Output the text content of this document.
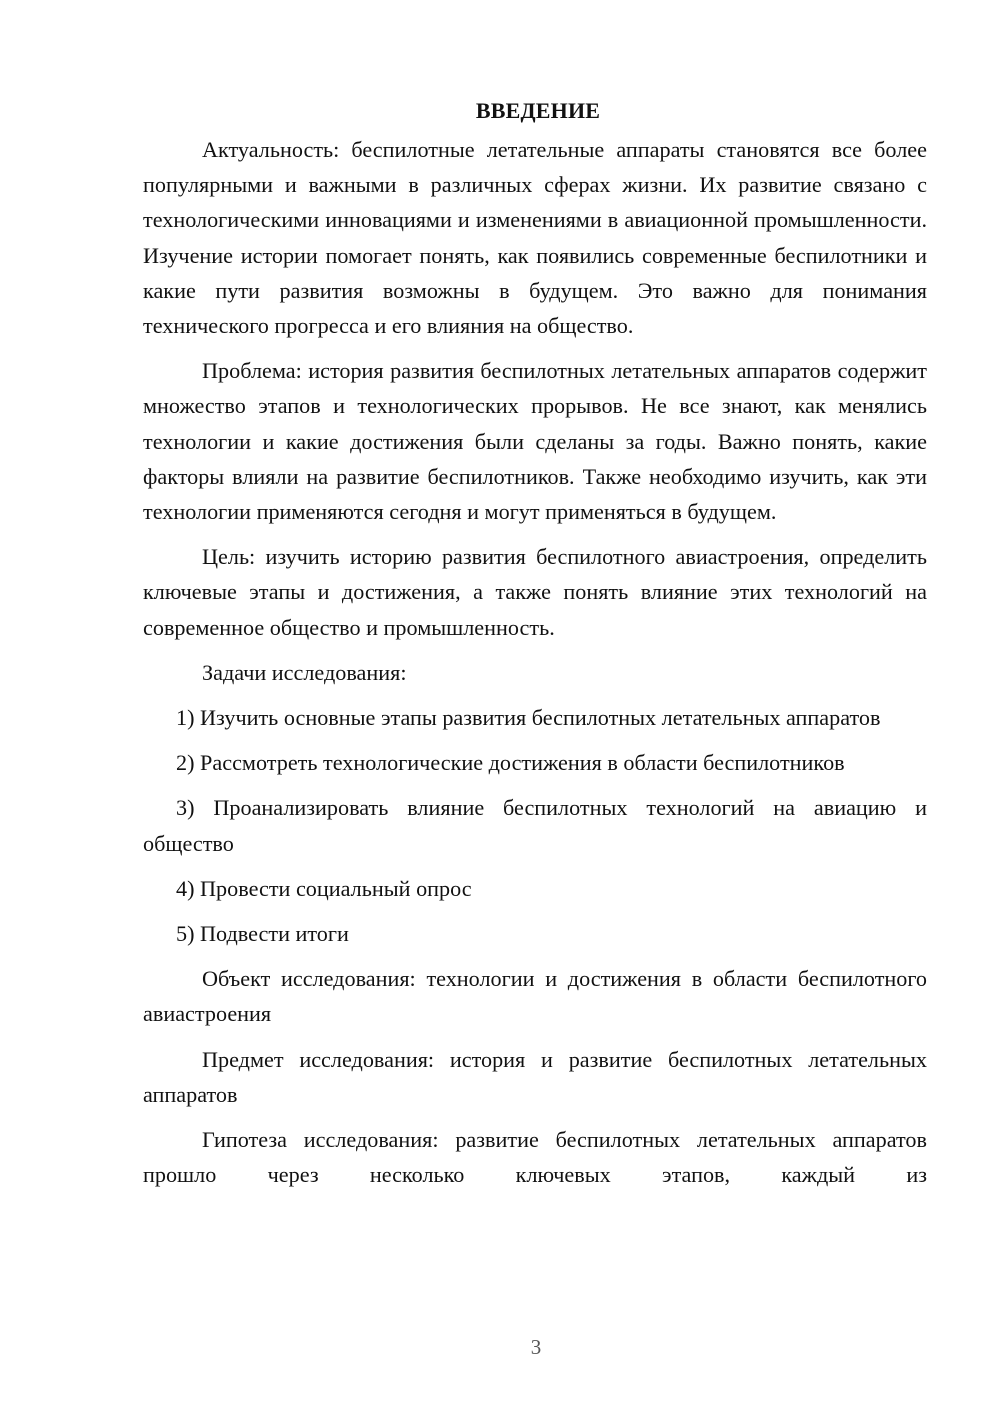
ВВЕДЕНИЕ

Актуальность: беспилотные летательные аппараты становятся все более популярными и важными в различных сферах жизни. Их развитие связано с технологическими инновациями и изменениями в авиационной промышленности. Изучение истории помогает понять, как появились современные беспилотники и какие пути развития возможны в будущем. Это важно для понимания технического прогресса и его влияния на общество.

Проблема: история развития беспилотных летательных аппаратов содержит множество этапов и технологических прорывов. Не все знают, как менялись технологии и какие достижения были сделаны за годы. Важно понять, какие факторы влияли на развитие беспилотников. Также необходимо изучить, как эти технологии применяются сегодня и могут применяться в будущем.

Цель: изучить историю развития беспилотного авиастроения, определить ключевые этапы и достижения, а также понять влияние этих технологий на современное общество и промышленность.

Задачи исследования:

1) Изучить основные этапы развития беспилотных летательных аппаратов

2) Рассмотреть технологические достижения в области беспилотников

3) Проанализировать влияние беспилотных технологий на авиацию и общество

4) Провести социальный опрос

5) Подвести итоги

Объект исследования: технологии и достижения в области беспилотного авиастроения

Предмет исследования: история и развитие беспилотных летательных аппаратов

Гипотеза исследования: развитие беспилотных летательных аппаратов прошло через несколько ключевых этапов, каждый из

3
